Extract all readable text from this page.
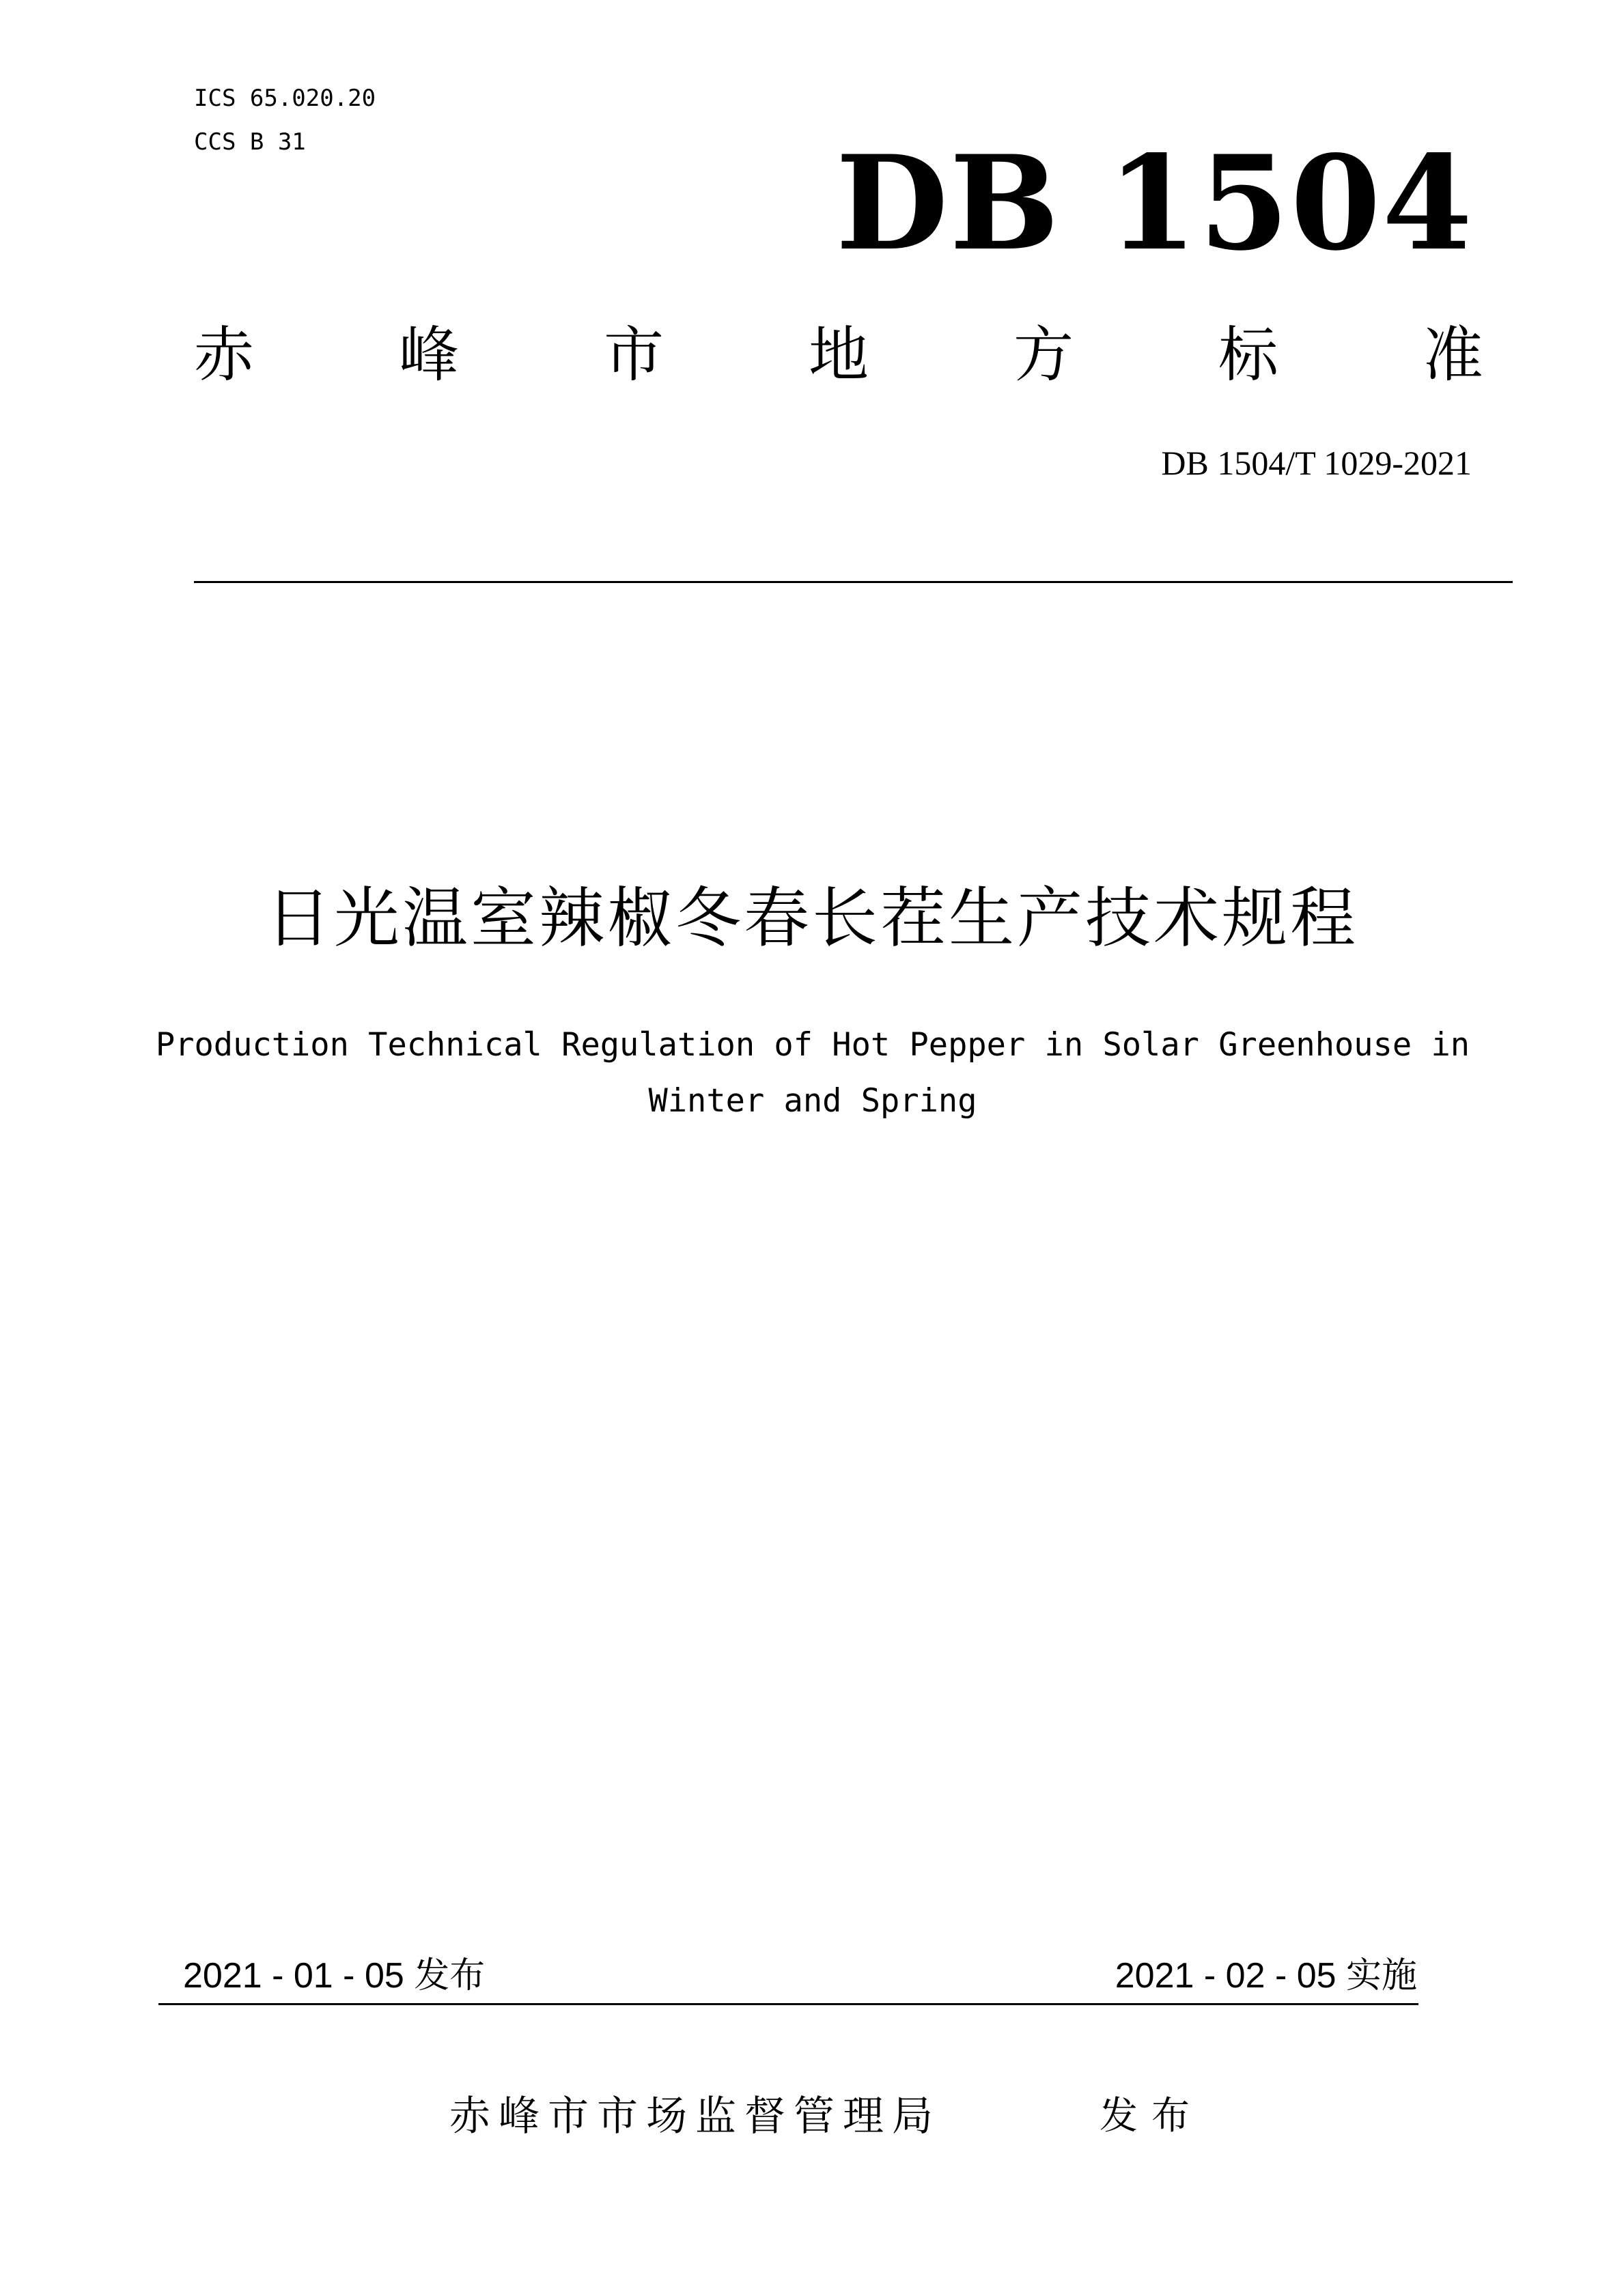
ICS 65.020.20
CCS B 31	DB 1504
赤 峰 市 地 方 标 准
DB 1504/T 1029-2021
日光温室辣椒冬春长茬生产技术规程
Production Technical Regulation of Hot Pepper in Solar Greenhouse in
Winter and Spring
2021 - 01 - 05 发布	2021 - 02 - 05 实施
赤峰市市场监督管理局	发布
